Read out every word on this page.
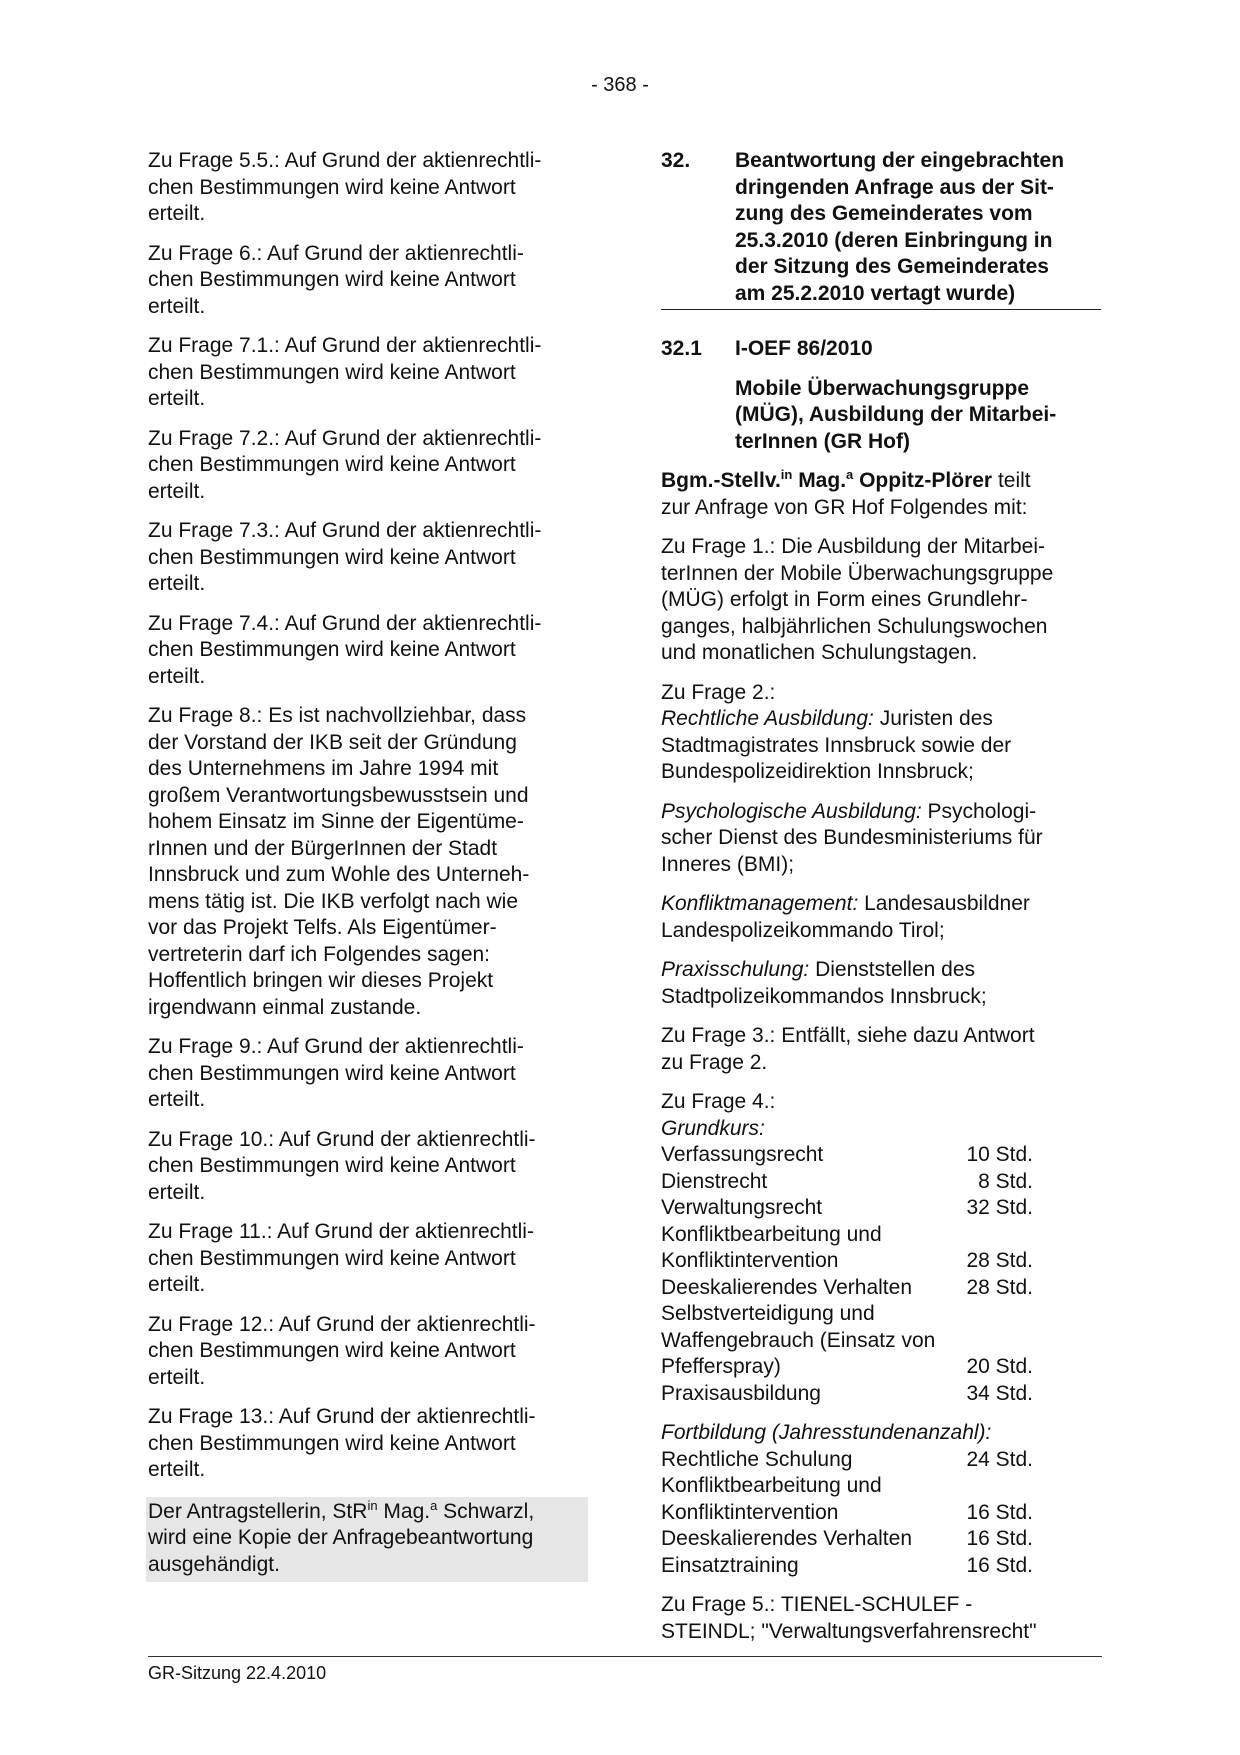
- 368 -
Zu Frage 5.5.: Auf Grund der aktienrechtli-
chen Bestimmungen wird keine Antwort
erteilt.
Zu Frage 6.: Auf Grund der aktienrechtli-
chen Bestimmungen wird keine Antwort
erteilt.
Zu Frage 7.1.: Auf Grund der aktienrechtli-
chen Bestimmungen wird keine Antwort
erteilt.
Zu Frage 7.2.: Auf Grund der aktienrechtli-
chen Bestimmungen wird keine Antwort
erteilt.
Zu Frage 7.3.: Auf Grund der aktienrechtli-
chen Bestimmungen wird keine Antwort
erteilt.
Zu Frage 7.4.: Auf Grund der aktienrechtli-
chen Bestimmungen wird keine Antwort
erteilt.
Zu Frage 8.: Es ist nachvollziehbar, dass
der Vorstand der IKB seit der Gründung
des Unternehmens im Jahre 1994 mit
großem Verantwortungsbewusstsein und
hohem Einsatz im Sinne der Eigentüme-
rInnen und der BürgerInnen der Stadt
Innsbruck und zum Wohle des Unterneh-
mens tätig ist. Die IKB verfolgt nach wie
vor das Projekt Telfs. Als Eigentümer-
vertreterin darf ich Folgendes sagen:
Hoffentlich bringen wir dieses Projekt
irgendwann einmal zustande.
Zu Frage 9.: Auf Grund der aktienrechtli-
chen Bestimmungen wird keine Antwort
erteilt.
Zu Frage 10.: Auf Grund der aktienrechtli-
chen Bestimmungen wird keine Antwort
erteilt.
Zu Frage 11.: Auf Grund der aktienrechtli-
chen Bestimmungen wird keine Antwort
erteilt.
Zu Frage 12.: Auf Grund der aktienrechtli-
chen Bestimmungen wird keine Antwort
erteilt.
Zu Frage 13.: Auf Grund der aktienrechtli-
chen Bestimmungen wird keine Antwort
erteilt.
Der Antragstellerin, StR$^{in}$ Mag.$^a$ Schwarzl,
wird eine Kopie der Anfragebeantwortung
ausgehändigt.
32.	Beantwortung der eingebrachten
dringenden Anfrage aus der Sit-
zung des Gemeinderates vom
25.3.2010 (deren Einbringung in
der Sitzung des Gemeinderates
am 25.2.2010 vertagt wurde)
32.1	I-OEF 86/2010
Mobile Überwachungsgruppe
(MÜG), Ausbildung der Mitarbei-
terInnen (GR Hof)
Bgm.-Stellv.$^{in}$ Mag.$^a$ Oppitz-Plörer teilt
zur Anfrage von GR Hof Folgendes mit:
Zu Frage 1.: Die Ausbildung der Mitarbei-
terInnen der Mobile Überwachungsgruppe
(MÜG) erfolgt in Form eines Grundlehr-
ganges, halbjährlichen Schulungswochen
und monatlichen Schulungstagen.
Zu Frage 2.:
Rechtliche Ausbildung: Juristen des
Stadtmagistrates Innsbruck sowie der
Bundespolizeidirektion Innsbruck;
Psychologische Ausbildung: Psychologi-
scher Dienst des Bundesministeriums für
Inneres (BMI);
Konfliktmanagement: Landesausbildner
Landespolizeikommando Tirol;
Praxisschulung: Dienststellen des
Stadtpolizeikommandos Innsbruck;
Zu Frage 3.: Entfällt, siehe dazu Antwort
zu Frage 2.
Zu Frage 4.:
Grundkurs:
Verfassungsrecht	10 Std.
Dienstrecht	8 Std.
Verwaltungsrecht	32 Std.
Konfliktbearbeitung und
Konfliktintervention	28 Std.
Deeskalierendes Verhalten	28 Std.
Selbstverteidigung und
Waffengebrauch (Einsatz von
Pfefferspray)	20 Std.
Praxisausbildung	34 Std.
Fortbildung (Jahresstundenanzahl):
Rechtliche Schulung	24 Std.
Konfliktbearbeitung und
Konfliktintervention	16 Std.
Deeskalierendes Verhalten	16 Std.
Einsatztraining	16 Std.
Zu Frage 5.: TIENEL-SCHULEF -
STEINDL; "Verwaltungsverfahrensrecht"
GR-Sitzung 22.4.2010
